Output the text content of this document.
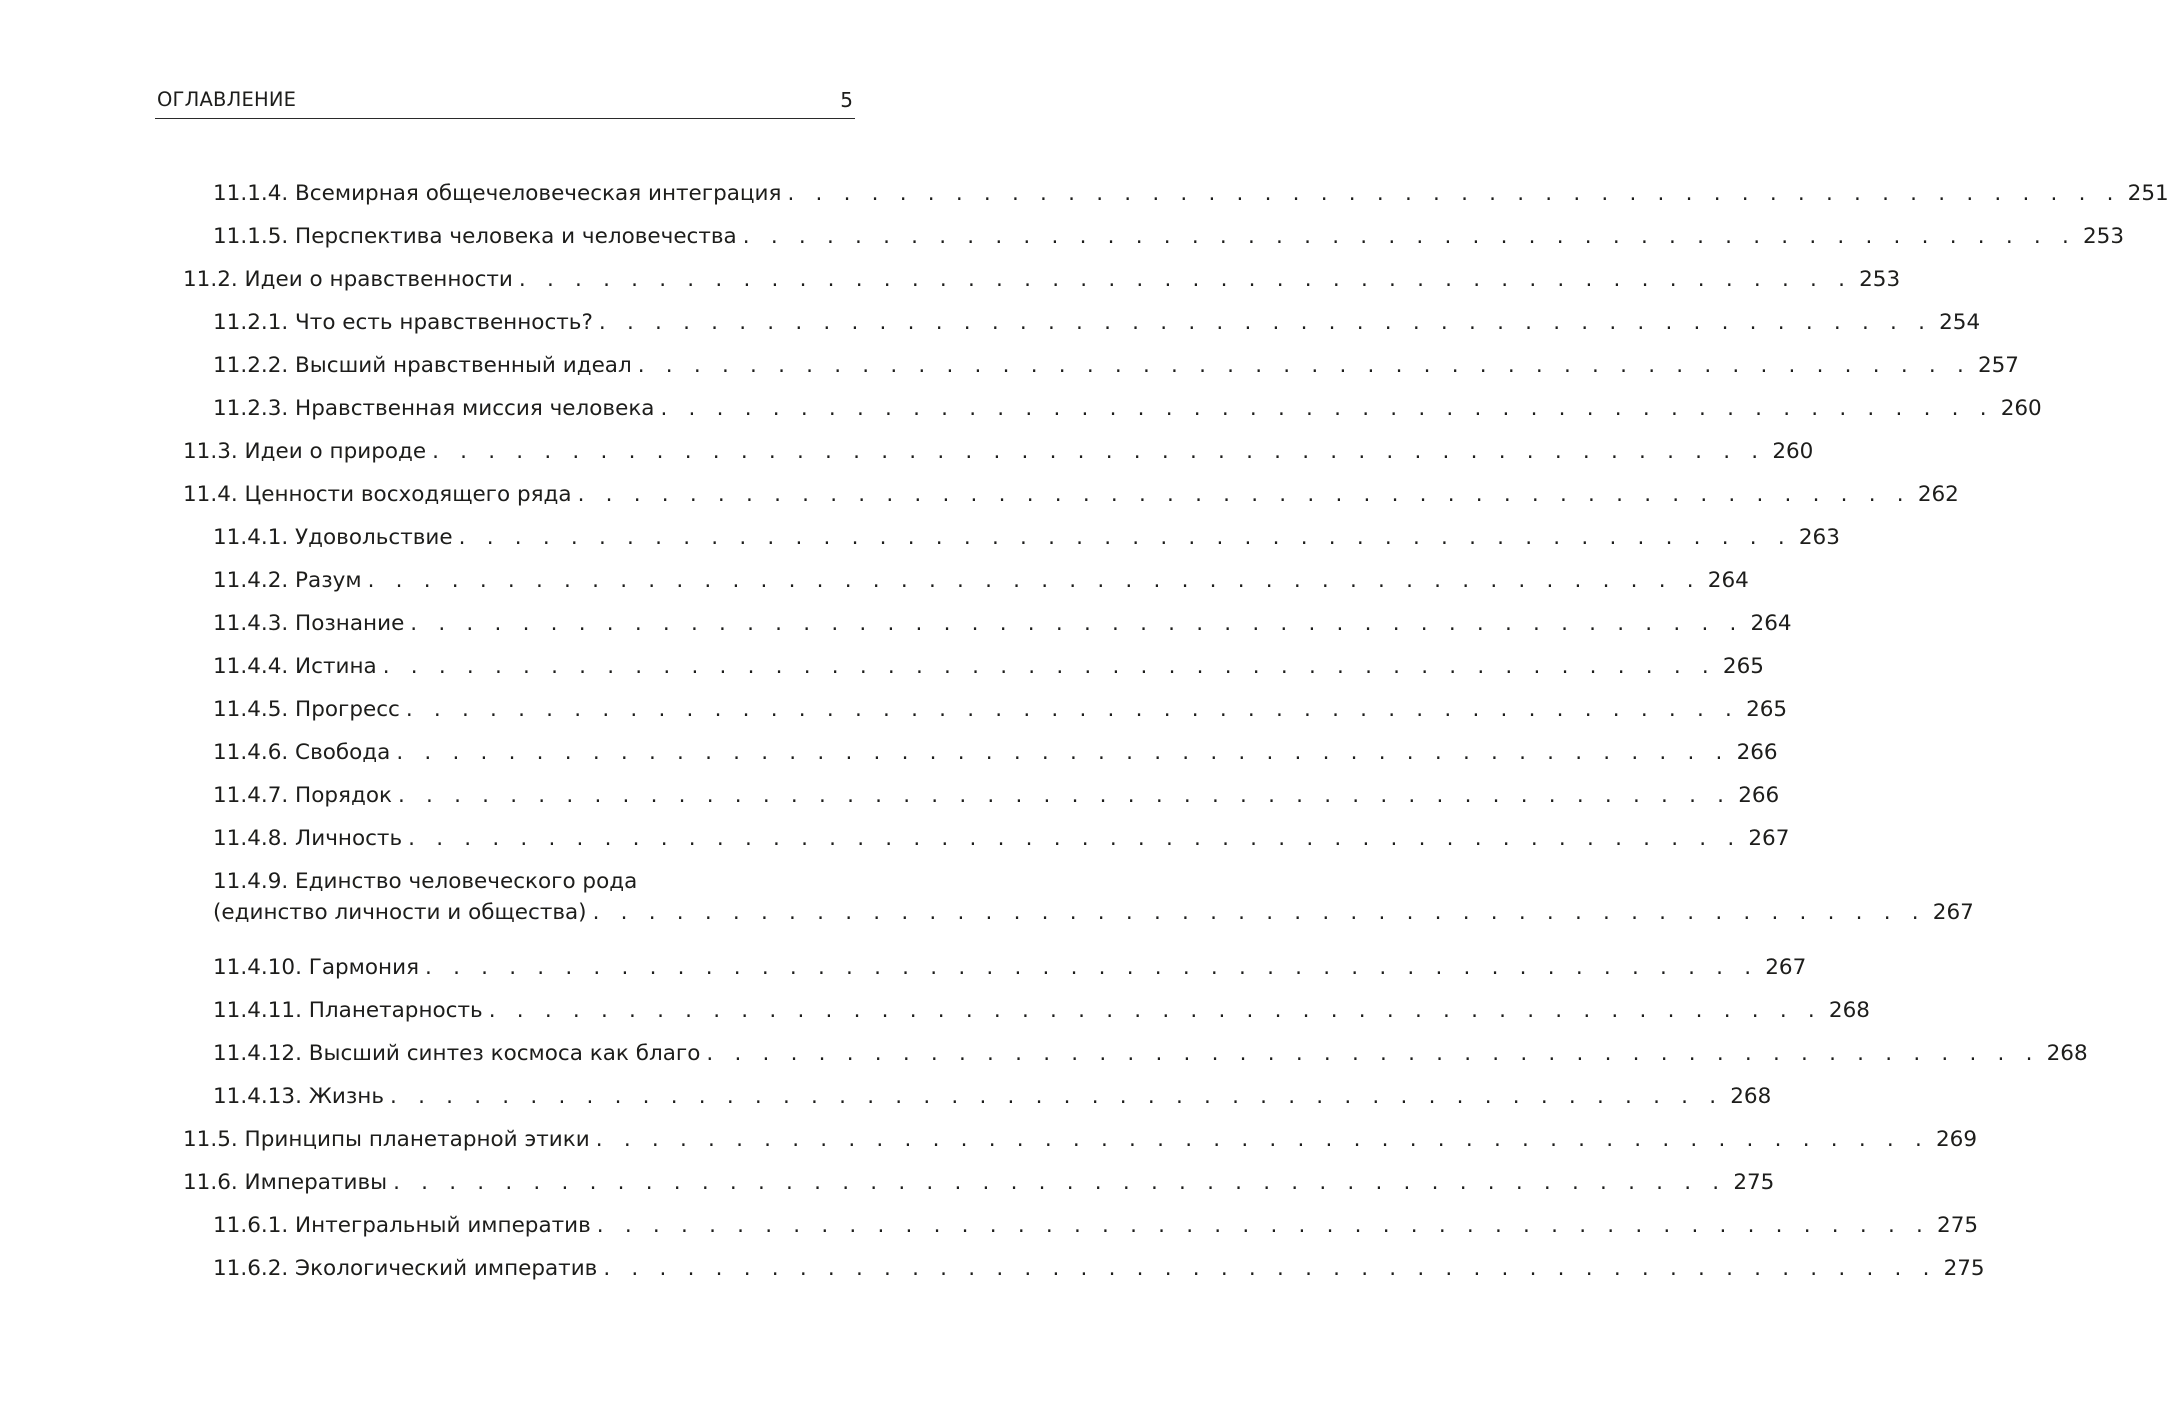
ОГЛАВЛЕНИЕ	5
11.1.4. Всемирная общечеловеческая интеграция . . . . . . . . . . . . . . . . . . . . . . . . . . . . . . . . . . . . . . . . . . . . . . . . 251
11.1.5. Перспектива человека и человечества . . . . . . . . . . . . . . . . . . . . . . . . . . . . . . . . . . . . . . . . . . . . . . . . 253
11.2. Идеи о нравственности . . . . . . . . . . . . . . . . . . . . . . . . . . . . . . . . . . . . . . . . . . . . . . . . 253
11.2.1. Что есть нравственность? . . . . . . . . . . . . . . . . . . . . . . . . . . . . . . . . . . . . . . . . . . . . . . . . 254
11.2.2. Высший нравственный идеал . . . . . . . . . . . . . . . . . . . . . . . . . . . . . . . . . . . . . . . . . . . . . . . . 257
11.2.3. Нравственная миссия человека . . . . . . . . . . . . . . . . . . . . . . . . . . . . . . . . . . . . . . . . . . . . . . . . 260
11.3. Идеи о природе . . . . . . . . . . . . . . . . . . . . . . . . . . . . . . . . . . . . . . . . . . . . . . . . 260
11.4. Ценности восходящего ряда . . . . . . . . . . . . . . . . . . . . . . . . . . . . . . . . . . . . . . . . . . . . . . . . 262
11.4.1. Удовольствие . . . . . . . . . . . . . . . . . . . . . . . . . . . . . . . . . . . . . . . . . . . . . . . . 263
11.4.2. Разум . . . . . . . . . . . . . . . . . . . . . . . . . . . . . . . . . . . . . . . . . . . . . . . . 264
11.4.3. Познание . . . . . . . . . . . . . . . . . . . . . . . . . . . . . . . . . . . . . . . . . . . . . . . . 264
11.4.4. Истина . . . . . . . . . . . . . . . . . . . . . . . . . . . . . . . . . . . . . . . . . . . . . . . . 265
11.4.5. Прогресс . . . . . . . . . . . . . . . . . . . . . . . . . . . . . . . . . . . . . . . . . . . . . . . . 265
11.4.6. Свобода . . . . . . . . . . . . . . . . . . . . . . . . . . . . . . . . . . . . . . . . . . . . . . . . 266
11.4.7. Порядок . . . . . . . . . . . . . . . . . . . . . . . . . . . . . . . . . . . . . . . . . . . . . . . . 266
11.4.8. Личность . . . . . . . . . . . . . . . . . . . . . . . . . . . . . . . . . . . . . . . . . . . . . . . . 267
11.4.9. Единство человеческого рода
(единство личности и общества) . . . . . . . . . . . . . . . . . . . . . . . . . . . . . . . . . . . . . . . . . . . . . . . . 267
11.4.10. Гармония . . . . . . . . . . . . . . . . . . . . . . . . . . . . . . . . . . . . . . . . . . . . . . . . 267
11.4.11. Планетарность . . . . . . . . . . . . . . . . . . . . . . . . . . . . . . . . . . . . . . . . . . . . . . . . 268
11.4.12. Высший синтез космоса как благо . . . . . . . . . . . . . . . . . . . . . . . . . . . . . . . . . . . . . . . . . . . . . . . . 268
11.4.13. Жизнь . . . . . . . . . . . . . . . . . . . . . . . . . . . . . . . . . . . . . . . . . . . . . . . . 268
11.5. Принципы планетарной этики . . . . . . . . . . . . . . . . . . . . . . . . . . . . . . . . . . . . . . . . . . . . . . . . 269
11.6. Императивы . . . . . . . . . . . . . . . . . . . . . . . . . . . . . . . . . . . . . . . . . . . . . . . . 275
11.6.1. Интегральный императив . . . . . . . . . . . . . . . . . . . . . . . . . . . . . . . . . . . . . . . . . . . . . . . . 275
11.6.2. Экологический императив . . . . . . . . . . . . . . . . . . . . . . . . . . . . . . . . . . . . . . . . . . . . . . . . 275
